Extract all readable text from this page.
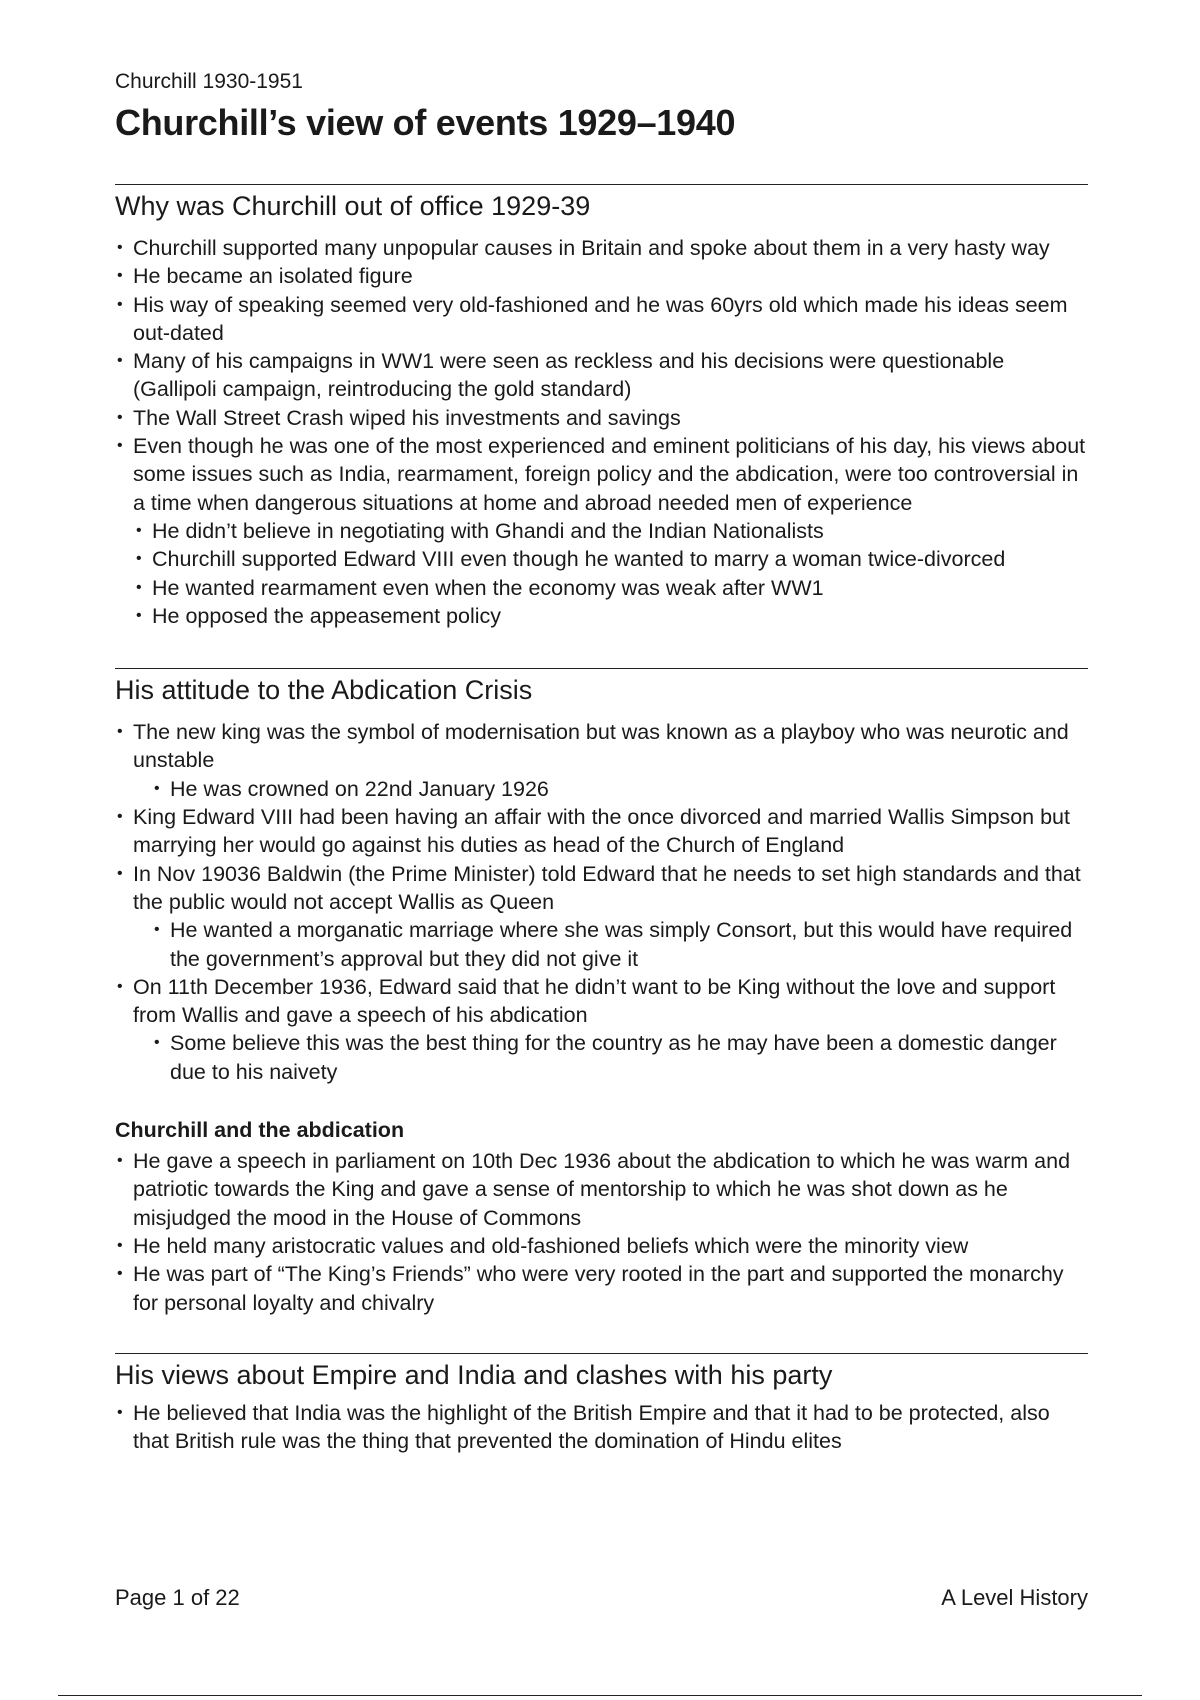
Churchill 1930-1951
Churchill’s view of events 1929–1940
Why was Churchill out of office 1929-39
• Churchill supported many unpopular causes in Britain and spoke about them in a very hasty way
• He became an isolated figure
• His way of speaking seemed very old-fashioned and he was 60yrs old which made his ideas seem out-dated
• Many of his campaigns in WW1 were seen as reckless and his decisions were questionable (Gallipoli campaign, reintroducing the gold standard)
• The Wall Street Crash wiped his investments and savings
• Even though he was one of the most experienced and eminent politicians of his day, his views about some issues such as India, rearmament, foreign policy and the abdication, were too controversial in a time when dangerous situations at home and abroad needed men of experience
• He didn’t believe in negotiating with Ghandi and the Indian Nationalists
• Churchill supported Edward VIII even though he wanted to marry a woman twice-divorced
• He wanted rearmament even when the economy was weak after WW1
• He opposed the appeasement policy
His attitude to the Abdication Crisis
• The new king was the symbol of modernisation but was known as a playboy who was neurotic and unstable
• He was crowned on 22nd January 1926
• King Edward VIII had been having an affair with the once divorced and married Wallis Simpson but marrying her would go against his duties as head of the Church of England
• In Nov 19036 Baldwin (the Prime Minister) told Edward that he needs to set high standards and that the public would not accept Wallis as Queen
• He wanted a morganatic marriage where she was simply Consort, but this would have required the government’s approval but they did not give it
• On 11th December 1936, Edward said that he didn’t want to be King without the love and support from Wallis and gave a speech of his abdication
• Some believe this was the best thing for the country as he may have been a domestic danger due to his naivety
Churchill and the abdication
• He gave a speech in parliament on 10th Dec 1936 about the abdication to which he was warm and patriotic towards the King and gave a sense of mentorship to which he was shot down as he misjudged the mood in the House of Commons
• He held many aristocratic values and old-fashioned beliefs which were the minority view
• He was part of “The King’s Friends” who were very rooted in the part and supported the monarchy for personal loyalty and chivalry
His views about Empire and India and clashes with his party
• He believed that India was the highlight of the British Empire and that it had to be protected, also that British rule was the thing that prevented the domination of Hindu elites
Page 1 of 22	A Level History
